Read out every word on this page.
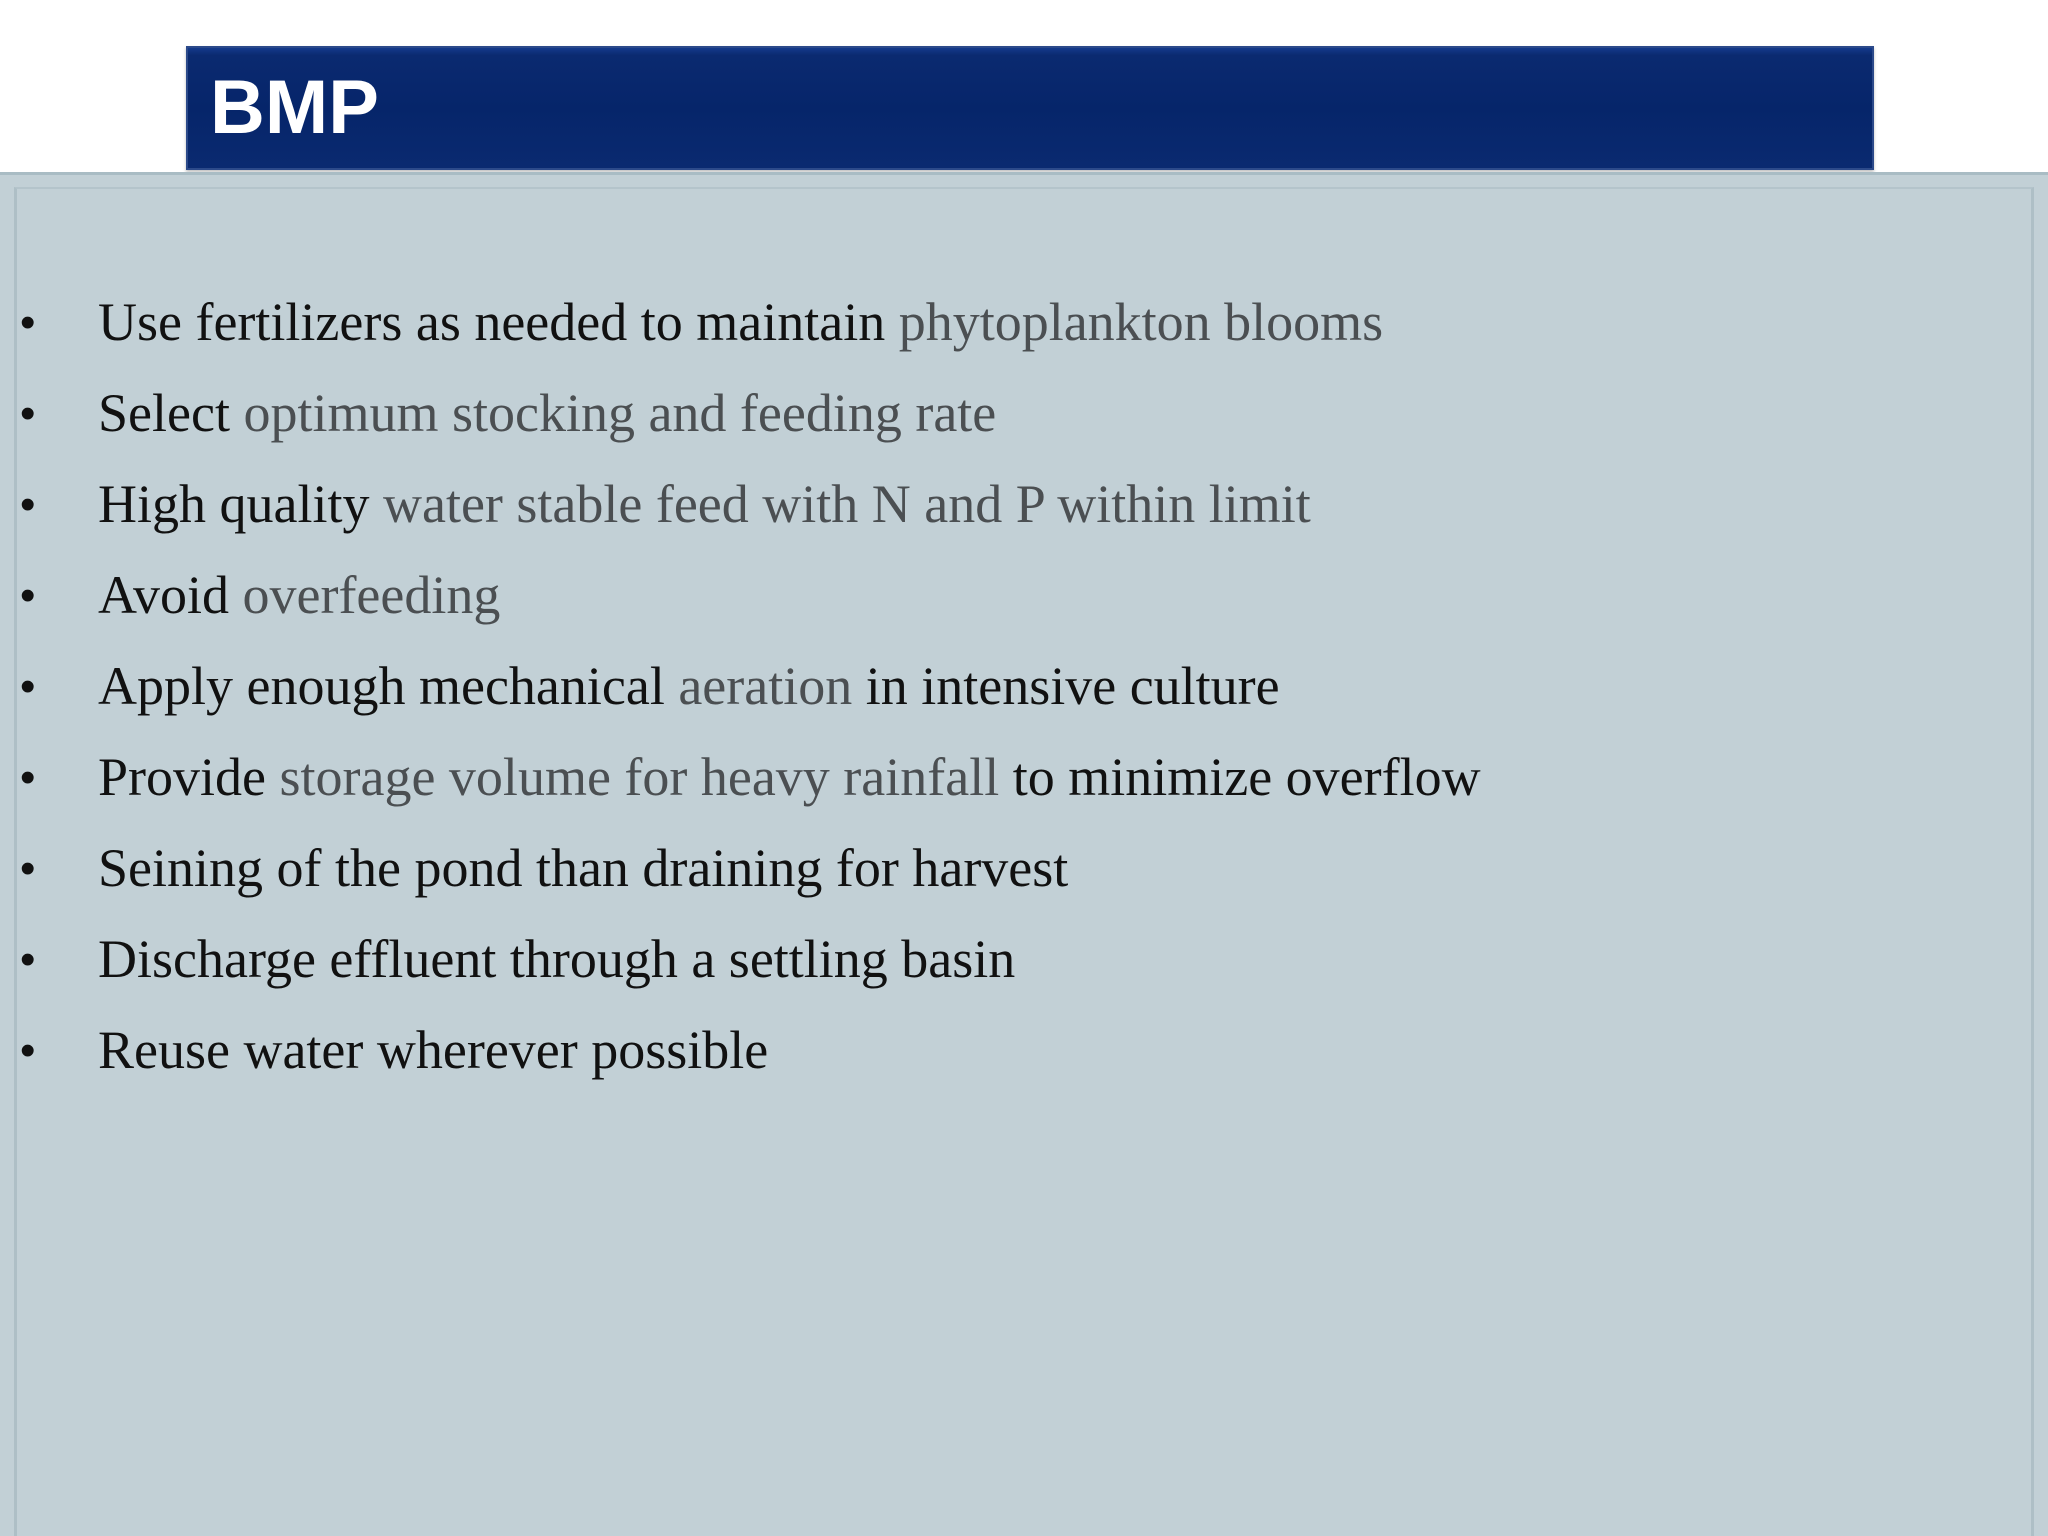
BMP
• Use fertilizers as needed to maintain phytoplankton blooms
• Select optimum stocking and feeding rate
• High quality water stable feed with N and P within limit
• Avoid overfeeding
• Apply enough mechanical aeration in intensive culture
• Provide storage volume for heavy rainfall to minimize overflow
• Seining of the pond than draining for harvest
• Discharge effluent through a settling basin
• Reuse water wherever possible
